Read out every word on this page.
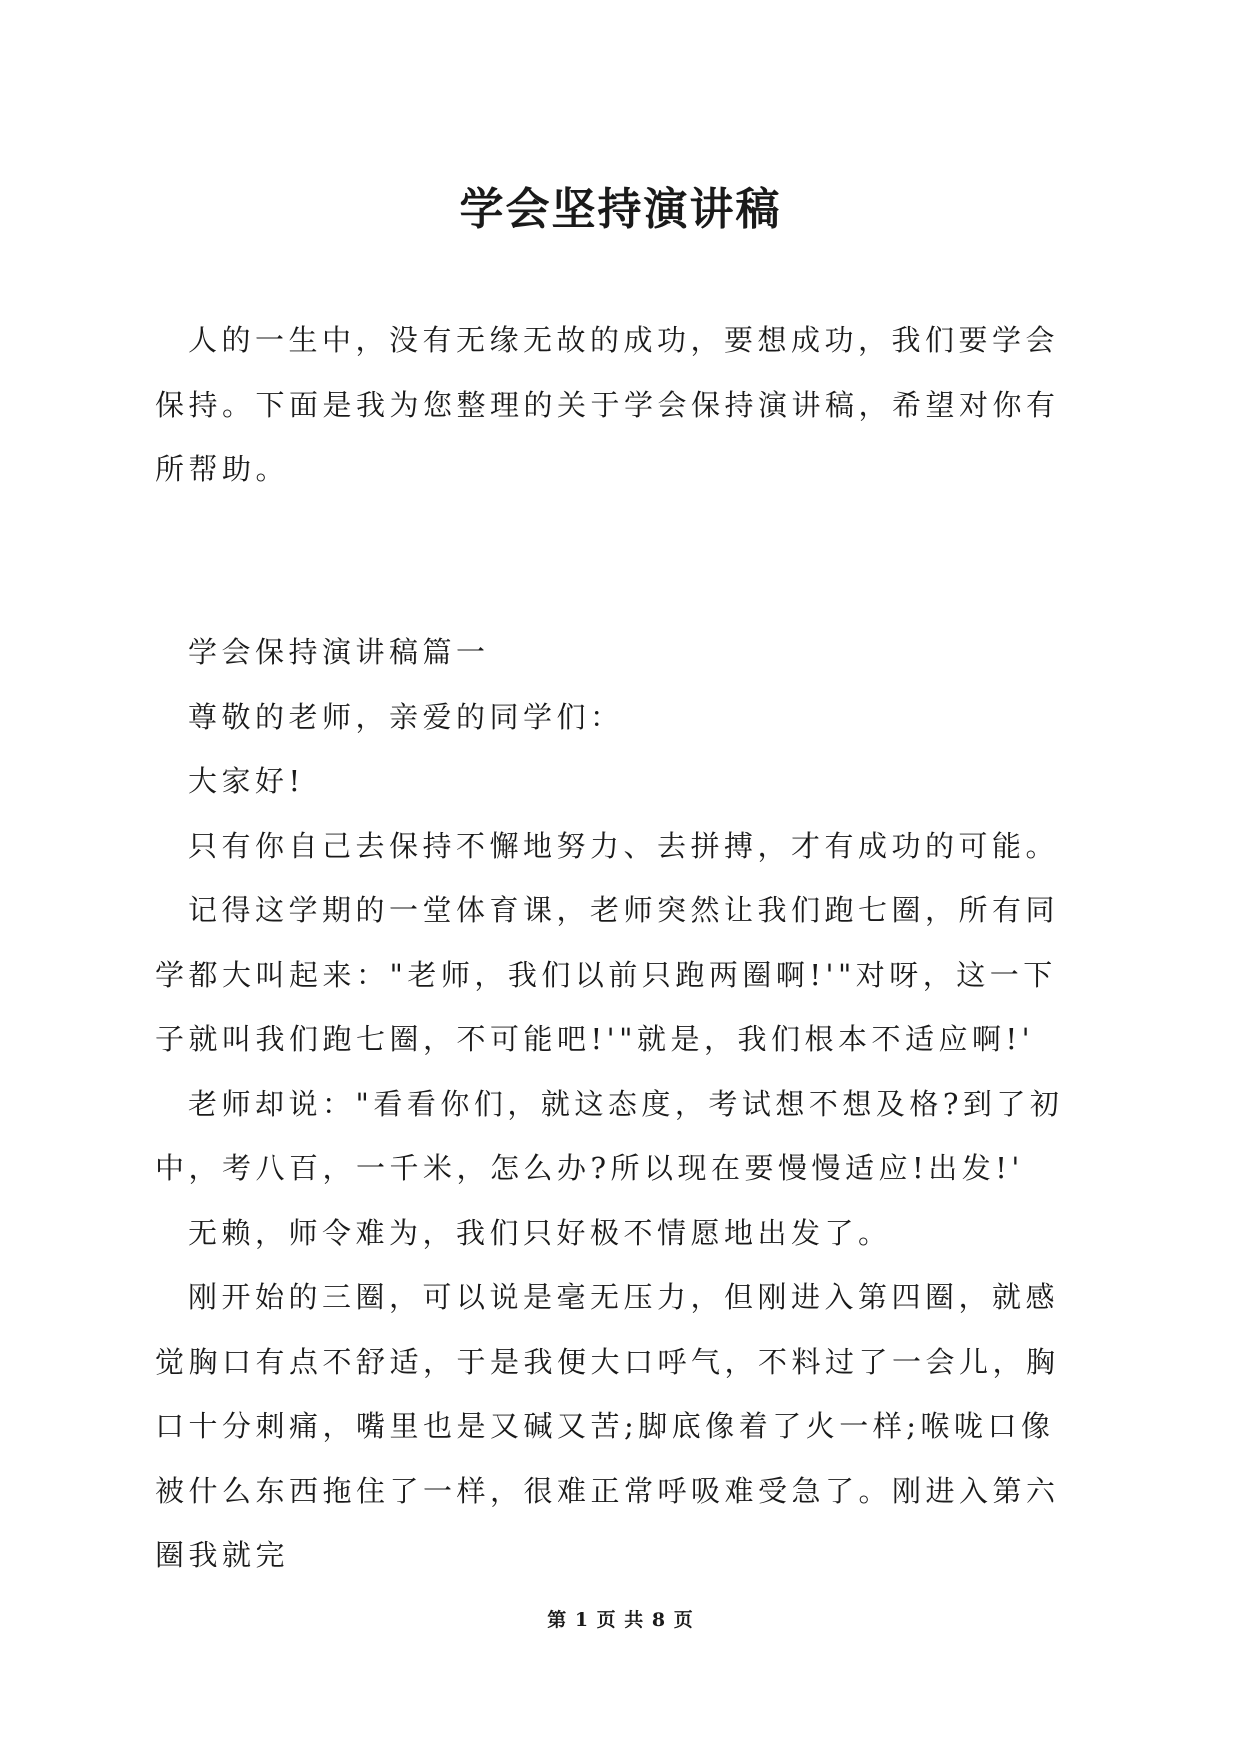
学会坚持演讲稿

人的一生中，没有无缘无故的成功，要想成功，我们要学会保持。下面是我为您整理的关于学会保持演讲稿，希望对你有所帮助。

学会保持演讲稿篇一

尊敬的老师，亲爱的同学们：

大家好!

只有你自己去保持不懈地努力、去拼搏，才有成功的可能。

记得这学期的一堂体育课，老师突然让我们跑七圈，所有同学都大叫起来："老师，我们以前只跑两圈啊!'"对呀，这一下子就叫我们跑七圈，不可能吧!'"就是，我们根本不适应啊!'

老师却说："看看你们，就这态度，考试想不想及格?到了初中，考八百，一千米，怎么办?所以现在要慢慢适应!出发!'

无赖，师令难为，我们只好极不情愿地出发了。

刚开始的三圈，可以说是毫无压力，但刚进入第四圈，就感觉胸口有点不舒适，于是我便大口呼气，不料过了一会儿，胸口十分刺痛，嘴里也是又碱又苦;脚底像着了火一样;喉咙口像被什么东西拖住了一样，很难正常呼吸难受急了。刚进入第六圈我就完

第 1 页 共 8 页
